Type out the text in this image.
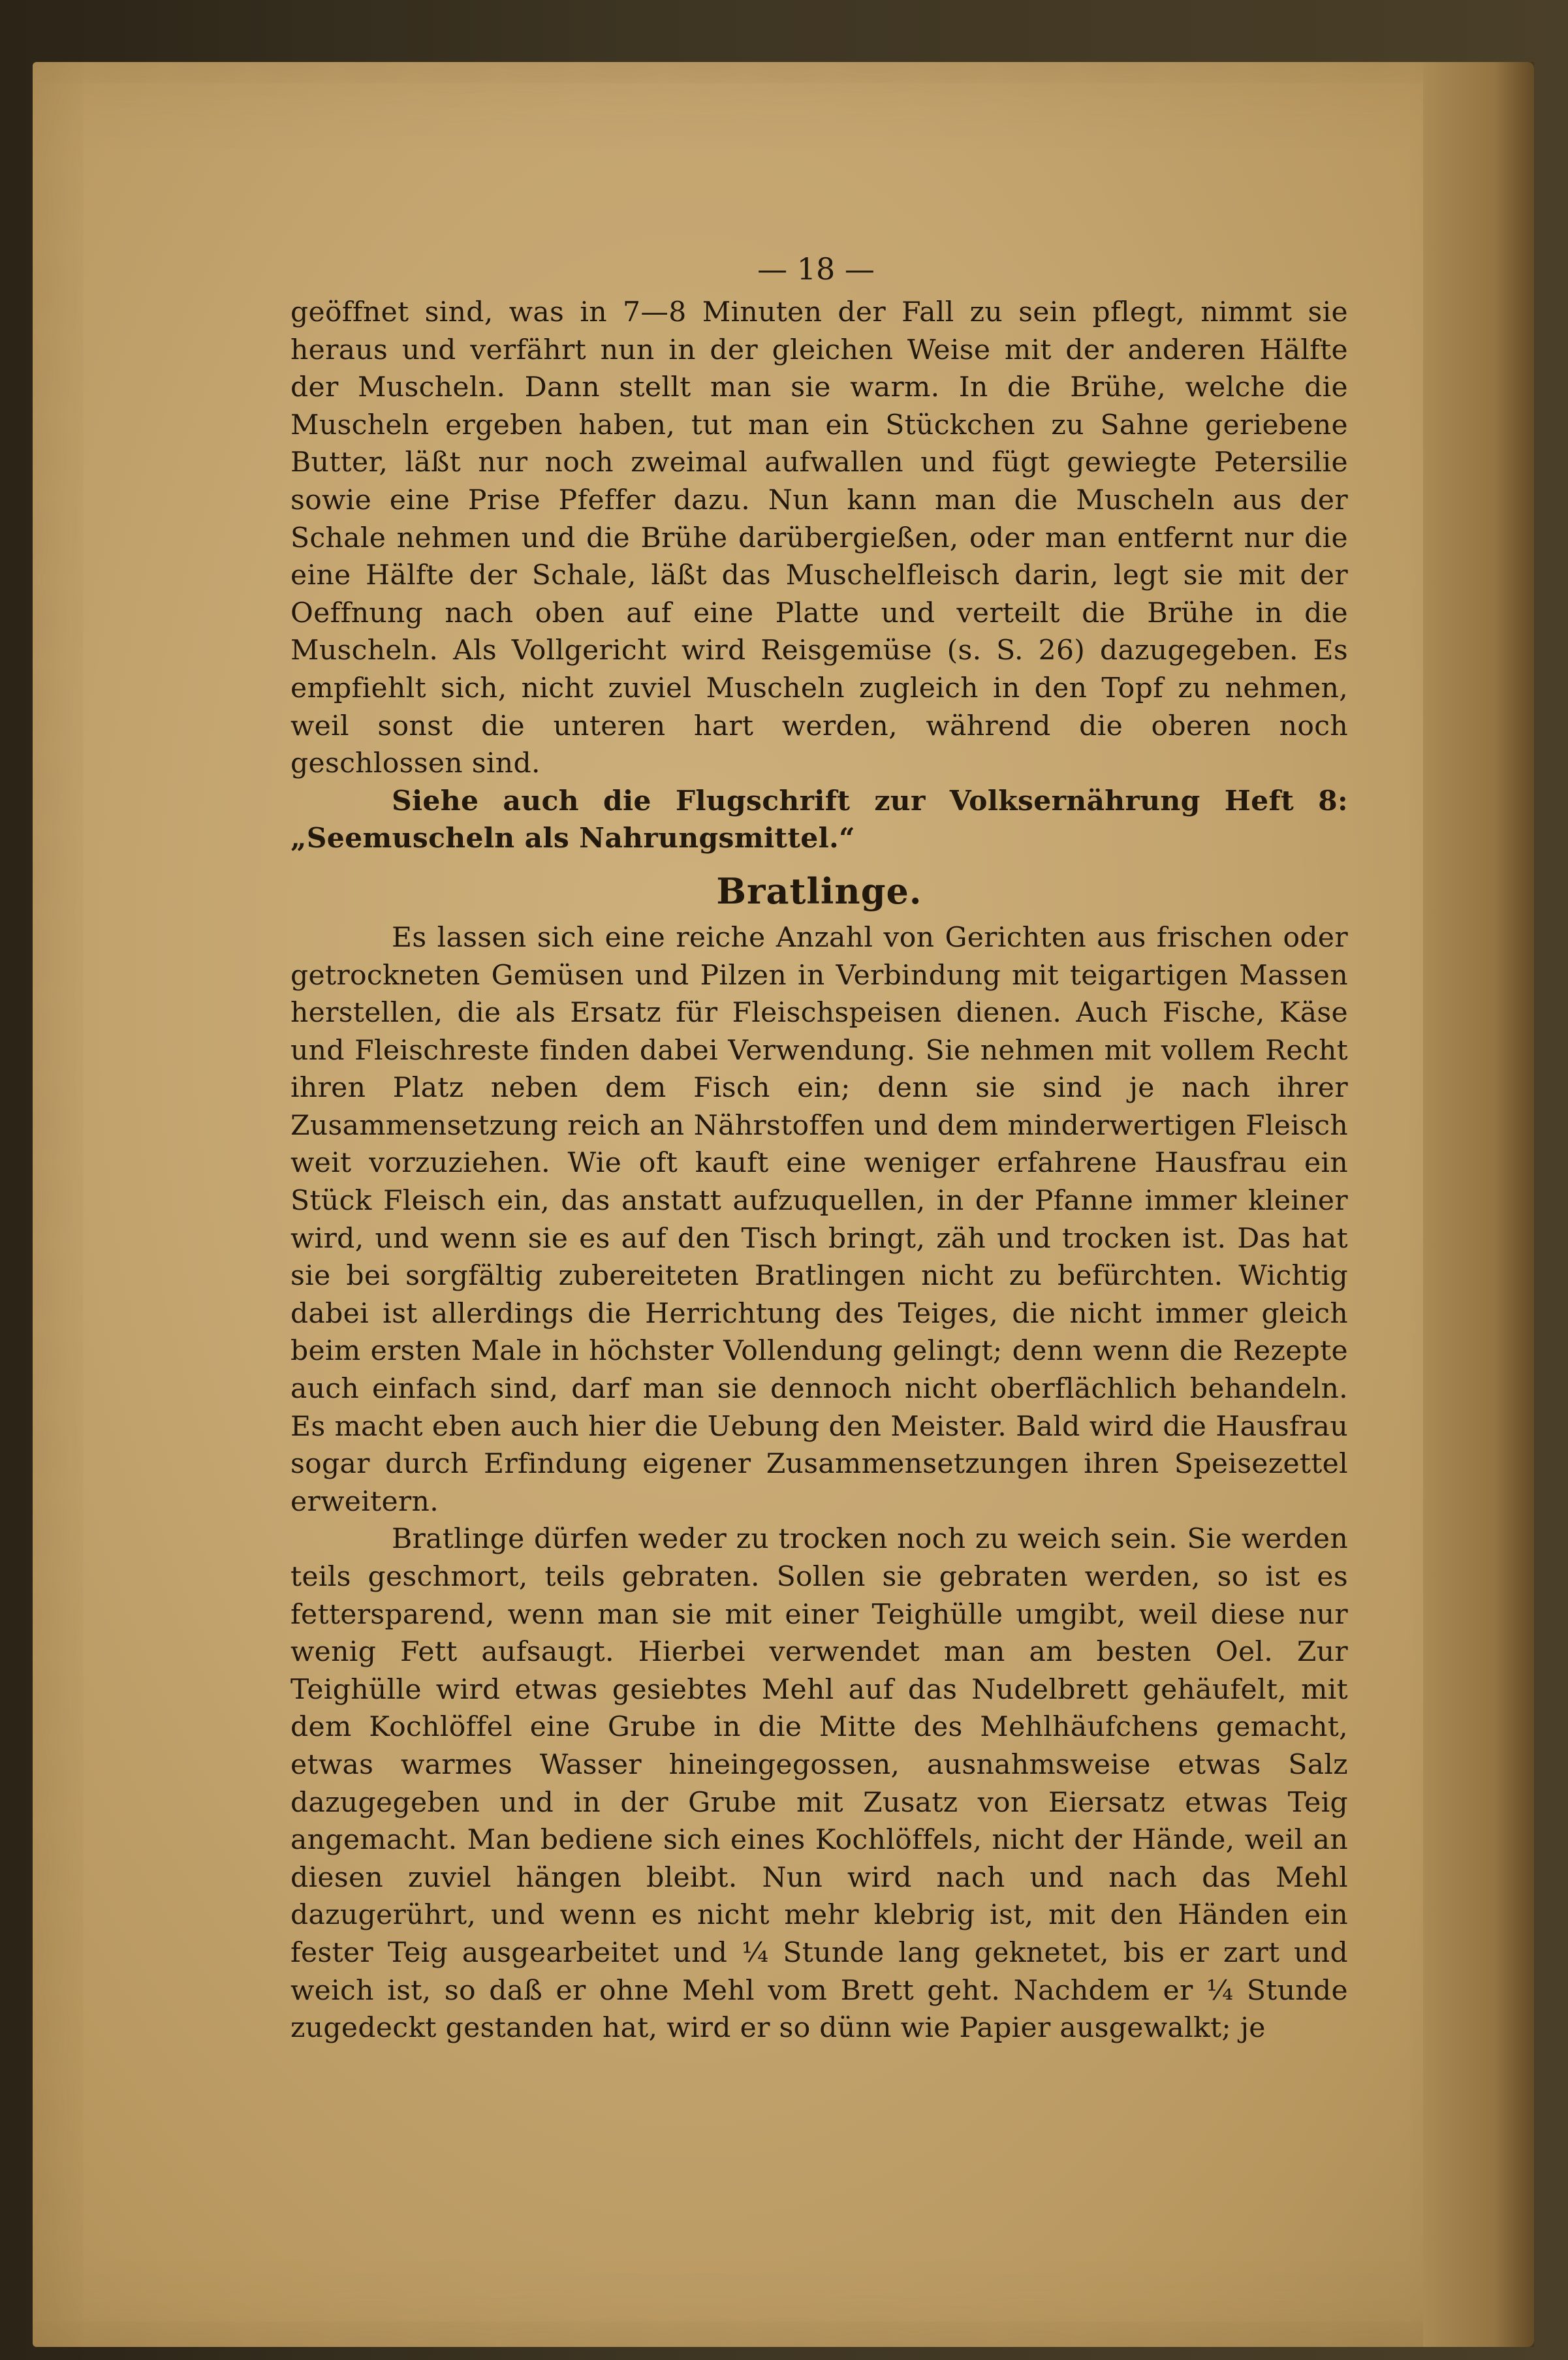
— 18 —

geöffnet sind, was in 7—8 Minuten der Fall zu sein pflegt, nimmt sie heraus und verfährt nun in der gleichen Weise mit der anderen Hälfte der Muscheln. Dann stellt man sie warm. In die Brühe, welche die Muscheln ergeben haben, tut man ein Stückchen zu Sahne geriebene Butter, läßt nur noch zweimal aufwallen und fügt gewiegte Petersilie sowie eine Prise Pfeffer dazu. Nun kann man die Muscheln aus der Schale nehmen und die Brühe darübergießen, oder man entfernt nur die eine Hälfte der Schale, läßt das Muschelfleisch darin, legt sie mit der Oeffnung nach oben auf eine Platte und verteilt die Brühe in die Muscheln. Als Vollgericht wird Reisgemüse (s. S. 26) dazugegeben. Es empfiehlt sich, nicht zuviel Muscheln zugleich in den Topf zu nehmen, weil sonst die unteren hart werden, während die oberen noch geschlossen sind.

Siehe auch die Flugschrift zur Volksernährung Heft 8: „Seemuscheln als Nahrungsmittel.“

Bratlinge.

Es lassen sich eine reiche Anzahl von Gerichten aus frischen oder getrockneten Gemüsen und Pilzen in Verbindung mit teigartigen Massen herstellen, die als Ersatz für Fleischspeisen dienen. Auch Fische, Käse und Fleischreste finden dabei Verwendung. Sie nehmen mit vollem Recht ihren Platz neben dem Fisch ein; denn sie sind je nach ihrer Zusammensetzung reich an Nährstoffen und dem minderwertigen Fleisch weit vorzuziehen. Wie oft kauft eine weniger erfahrene Hausfrau ein Stück Fleisch ein, das anstatt aufzuquellen, in der Pfanne immer kleiner wird, und wenn sie es auf den Tisch bringt, zäh und trocken ist. Das hat sie bei sorgfältig zubereiteten Bratlingen nicht zu befürchten. Wichtig dabei ist allerdings die Herrichtung des Teiges, die nicht immer gleich beim ersten Male in höchster Vollendung gelingt; denn wenn die Rezepte auch einfach sind, darf man sie dennoch nicht oberflächlich behandeln. Es macht eben auch hier die Uebung den Meister. Bald wird die Hausfrau sogar durch Erfindung eigener Zusammensetzungen ihren Speisezettel erweitern.

Bratlinge dürfen weder zu trocken noch zu weich sein. Sie werden teils geschmort, teils gebraten. Sollen sie gebraten werden, so ist es fettersparend, wenn man sie mit einer Teighülle umgibt, weil diese nur wenig Fett aufsaugt. Hierbei verwendet man am besten Oel. Zur Teighülle wird etwas gesiebtes Mehl auf das Nudelbrett gehäufelt, mit dem Kochlöffel eine Grube in die Mitte des Mehlhäufchens gemacht, etwas warmes Wasser hineingegossen, ausnahmsweise etwas Salz dazugegeben und in der Grube mit Zusatz von Eiersatz etwas Teig angemacht. Man bediene sich eines Kochlöffels, nicht der Hände, weil an diesen zuviel hängen bleibt. Nun wird nach und nach das Mehl dazugerührt, und wenn es nicht mehr klebrig ist, mit den Händen ein fester Teig ausgearbeitet und ¼ Stunde lang geknetet, bis er zart und weich ist, so daß er ohne Mehl vom Brett geht. Nachdem er ¼ Stunde zugedeckt gestanden hat, wird er so dünn wie Papier ausgewalkt; je
